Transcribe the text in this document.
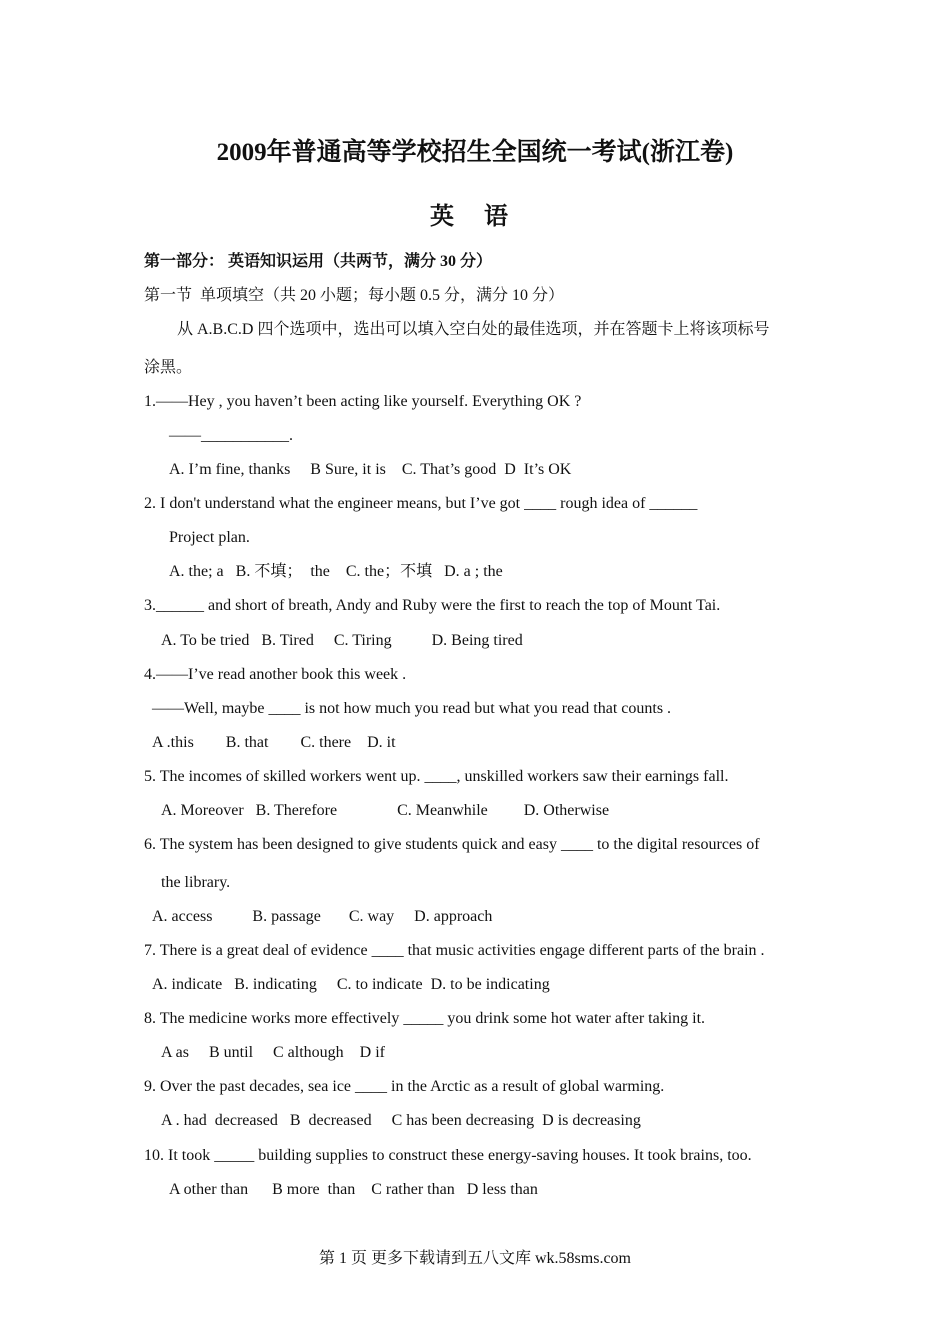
2009年普通高等学校招生全国统一考试(浙江卷)
英 语
第一部分： 英语知识运用（共两节，满分 30 分）
第一节  单项填空（共 20 小题；每小题 0.5 分，满分 10 分）
从 A.B.C.D 四个选项中，选出可以填入空白处的最佳选项，并在答题卡上将该项标号
涂黑。
1.——Hey , you haven’t been acting like yourself. Everything OK ?
——___________.
A. I’m fine, thanks     B Sure, it is    C. That’s good  D  It’s OK
2. I don't understand what the engineer means, but I’ve got ____ rough idea of ______
Project plan.
A. the; a   B. 不填；  the    C. the；不填   D. a ; the
3.______ and short of breath, Andy and Ruby were the first to reach the top of Mount Tai.
A. To be tried   B. Tired     C. Tiring          D. Being tired
4.——I’ve read another book this week .
——Well, maybe ____ is not how much you read but what you read that counts .
A .this        B. that        C. there    D. it
5. The incomes of skilled workers went up. ____, unskilled workers saw their earnings fall.
A. Moreover   B. Therefore               C. Meanwhile         D. Otherwise
6. The system has been designed to give students quick and easy ____ to the digital resources of
the library.
A. access          B. passage       C. way     D. approach
7. There is a great deal of evidence ____ that music activities engage different parts of the brain .
A. indicate   B. indicating     C. to indicate  D. to be indicating
8. The medicine works more effectively _____ you drink some hot water after taking it.
A as     B until     C although    D if
9. Over the past decades, sea ice ____ in the Arctic as a result of global warming.
A . had  decreased   B  decreased     C has been decreasing  D is decreasing
10. It took _____ building supplies to construct these energy-saving houses. It took brains, too.
A other than      B more  than    C rather than   D less than
第 1 页 更多下载请到五八文库 wk.58sms.com
